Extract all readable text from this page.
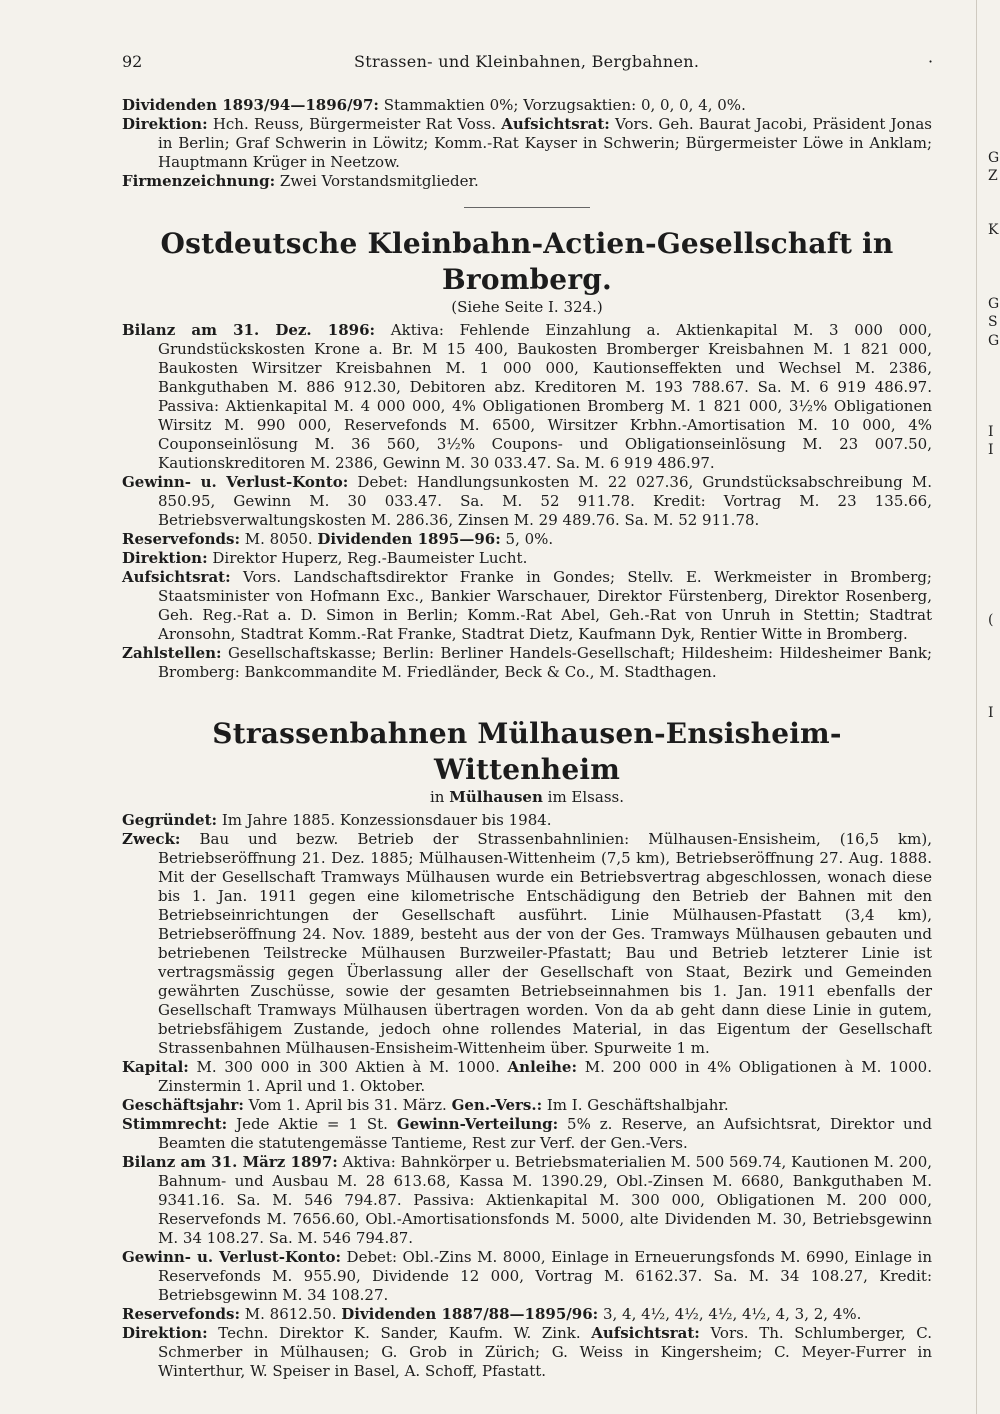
92	Strassen- und Kleinbahnen, Bergbahnen.	·

Dividenden 1893/94—1896/97: Stammaktien 0%; Vorzugsaktien: 0, 0, 0, 4, 0%.

Direktion: Hch. Reuss, Bürgermeister Rat Voss. Aufsichtsrat: Vors. Geh. Baurat Jacobi, Präsident Jonas in Berlin; Graf Schwerin in Löwitz; Komm.-Rat Kayser in Schwerin; Bürgermeister Löwe in Anklam; Hauptmann Krüger in Neetzow.

Firmenzeichnung: Zwei Vorstandsmitglieder.

Ostdeutsche Kleinbahn-Actien-Gesellschaft in Bromberg.

(Siehe Seite I. 324.)

Bilanz am 31. Dez. 1896: Aktiva: Fehlende Einzahlung a. Aktienkapital M. 3 000 000, Grundstückskosten Krone a. Br. M 15 400, Baukosten Bromberger Kreisbahnen M. 1 821 000, Baukosten Wirsitzer Kreisbahnen M. 1 000 000, Kautionseffekten und Wechsel M. 2386, Bankguthaben M. 886 912.30, Debitoren abz. Kreditoren M. 193 788.67. Sa. M. 6 919 486.97. Passiva: Aktienkapital M. 4 000 000, 4% Obligationen Bromberg M. 1 821 000, 3½% Obligationen Wirsitz M. 990 000, Reservefonds M. 6500, Wirsitzer Krbhn.-Amortisation M. 10 000, 4% Couponseinlösung M. 36 560, 3½% Coupons- und Obligationseinlösung M. 23 007.50, Kautionskreditoren M. 2386, Gewinn M. 30 033.47. Sa. M. 6 919 486.97.

Gewinn- u. Verlust-Konto: Debet: Handlungsunkosten M. 22 027.36, Grundstücksabschreibung M. 850.95, Gewinn M. 30 033.47. Sa. M. 52 911.78. Kredit: Vortrag M. 23 135.66, Betriebsverwaltungskosten M. 286.36, Zinsen M. 29 489.76. Sa. M. 52 911.78.

Reservefonds: M. 8050. Dividenden 1895—96: 5, 0%.

Direktion: Direktor Huperz, Reg.-Baumeister Lucht.

Aufsichtsrat: Vors. Landschaftsdirektor Franke in Gondes; Stellv. E. Werkmeister in Bromberg; Staatsminister von Hofmann Exc., Bankier Warschauer, Direktor Fürstenberg, Direktor Rosenberg, Geh. Reg.-Rat a. D. Simon in Berlin; Komm.-Rat Abel, Geh.-Rat von Unruh in Stettin; Stadtrat Aronsohn, Stadtrat Komm.-Rat Franke, Stadtrat Dietz, Kaufmann Dyk, Rentier Witte in Bromberg.

Zahlstellen: Gesellschaftskasse; Berlin: Berliner Handels-Gesellschaft; Hildesheim: Hildesheimer Bank; Bromberg: Bankcommandite M. Friedländer, Beck & Co., M. Stadthagen.

Strassenbahnen Mülhausen-Ensisheim-Wittenheim

in Mülhausen im Elsass.

Gegründet: Im Jahre 1885. Konzessionsdauer bis 1984.

Zweck: Bau und bezw. Betrieb der Strassenbahnlinien: Mülhausen-Ensisheim, (16,5 km), Betriebseröffnung 21. Dez. 1885; Mülhausen-Wittenheim (7,5 km), Betriebseröffnung 27. Aug. 1888. Mit der Gesellschaft Tramways Mülhausen wurde ein Betriebsvertrag abgeschlossen, wonach diese bis 1. Jan. 1911 gegen eine kilometrische Entschädigung den Betrieb der Bahnen mit den Betriebseinrichtungen der Gesellschaft ausführt. Linie Mülhausen-Pfastatt (3,4 km), Betriebseröffnung 24. Nov. 1889, besteht aus der von der Ges. Tramways Mülhausen gebauten und betriebenen Teilstrecke Mülhausen Burzweiler-Pfastatt; Bau und Betrieb letzterer Linie ist vertragsmässig gegen Überlassung aller der Gesellschaft von Staat, Bezirk und Gemeinden gewährten Zuschüsse, sowie der gesamten Betriebseinnahmen bis 1. Jan. 1911 ebenfalls der Gesellschaft Tramways Mülhausen übertragen worden. Von da ab geht dann diese Linie in gutem, betriebsfähigem Zustande, jedoch ohne rollendes Material, in das Eigentum der Gesellschaft Strassenbahnen Mülhausen-Ensisheim-Wittenheim über. Spurweite 1 m.

Kapital: M. 300 000 in 300 Aktien à M. 1000. Anleihe: M. 200 000 in 4% Obligationen à M. 1000. Zinstermin 1. April und 1. Oktober.

Geschäftsjahr: Vom 1. April bis 31. März. Gen.-Vers.: Im I. Geschäftshalbjahr.

Stimmrecht: Jede Aktie = 1 St. Gewinn-Verteilung: 5% z. Reserve, an Aufsichtsrat, Direktor und Beamten die statutengemässe Tantieme, Rest zur Verf. der Gen.-Vers.

Bilanz am 31. März 1897: Aktiva: Bahnkörper u. Betriebsmaterialien M. 500 569.74, Kautionen M. 200, Bahnum- und Ausbau M. 28 613.68, Kassa M. 1390.29, Obl.-Zinsen M. 6680, Bankguthaben M. 9341.16. Sa. M. 546 794.87. Passiva: Aktienkapital M. 300 000, Obligationen M. 200 000, Reservefonds M. 7656.60, Obl.-Amortisationsfonds M. 5000, alte Dividenden M. 30, Betriebsgewinn M. 34 108.27. Sa. M. 546 794.87.

Gewinn- u. Verlust-Konto: Debet: Obl.-Zins M. 8000, Einlage in Erneuerungsfonds M. 6990, Einlage in Reservefonds M. 955.90, Dividende 12 000, Vortrag M. 6162.37. Sa. M. 34 108.27, Kredit: Betriebsgewinn M. 34 108.27.

Reservefonds: M. 8612.50. Dividenden 1887/88—1895/96: 3, 4, 4½, 4½, 4½, 4½, 4, 3, 2, 4%.

Direktion: Techn. Direktor K. Sander, Kaufm. W. Zink. Aufsichtsrat: Vors. Th. Schlumberger, C. Schmerber in Mülhausen; G. Grob in Zürich; G. Weiss in Kingersheim; C. Meyer-Furrer in Winterthur, W. Speiser in Basel, A. Schoff, Pfastatt.

G
Z
K
G
S
G
I
I
(
I
